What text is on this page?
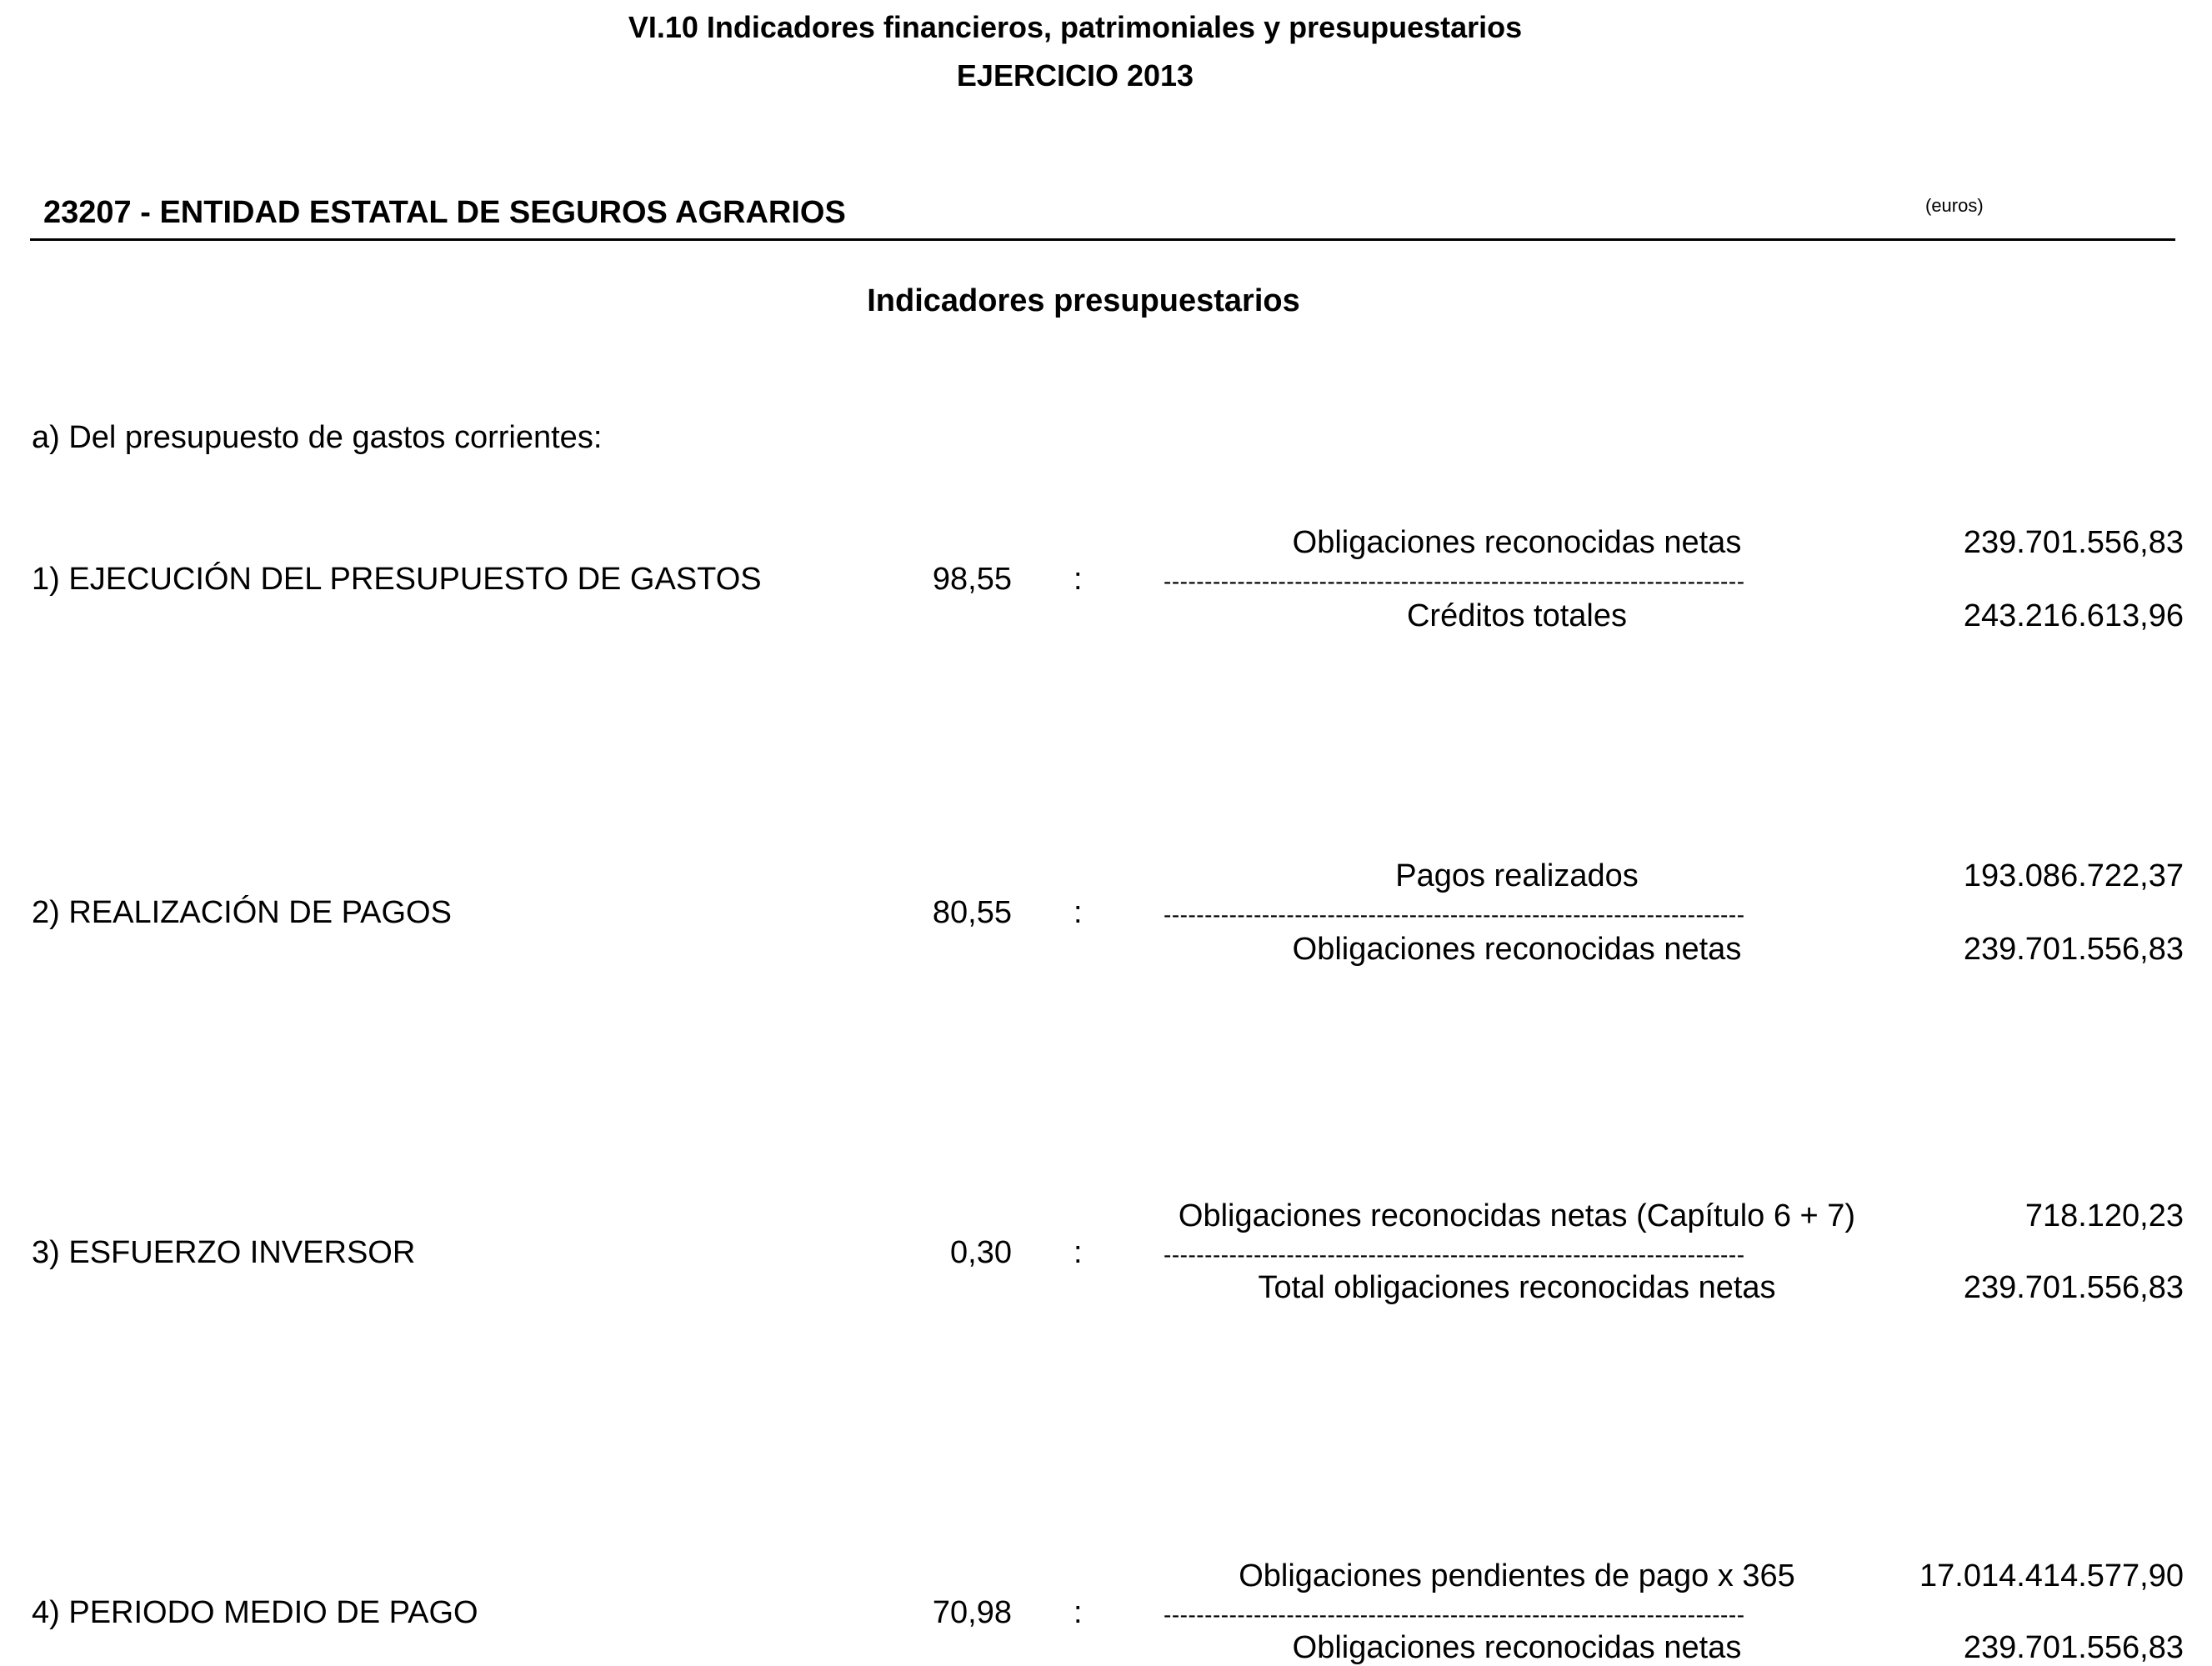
VI.10 Indicadores financieros, patrimoniales y presupuestarios
EJERCICIO 2013
23207 - ENTIDAD ESTATAL DE SEGUROS AGRARIOS	(euros)
Indicadores presupuestarios
a) Del presupuesto de gastos corrientes:
Obligaciones reconocidas netas	239.701.556,83
1) EJECUCIÓN DEL PRESUPUESTO DE GASTOS	98,55 :	-----------------------------------------------------------------------
Créditos totales	243.216.613,96
Pagos realizados	193.086.722,37
2) REALIZACIÓN DE PAGOS	80,55 :	-----------------------------------------------------------------------
Obligaciones reconocidas netas	239.701.556,83
Obligaciones reconocidas netas (Capítulo 6 + 7)	718.120,23
3) ESFUERZO INVERSOR	0,30 :	-----------------------------------------------------------------------
Total obligaciones reconocidas netas	239.701.556,83
Obligaciones pendientes de pago x 365	17.014.414.577,90
4) PERIODO MEDIO DE PAGO	70,98 :	-----------------------------------------------------------------------
Obligaciones reconocidas netas	239.701.556,83
